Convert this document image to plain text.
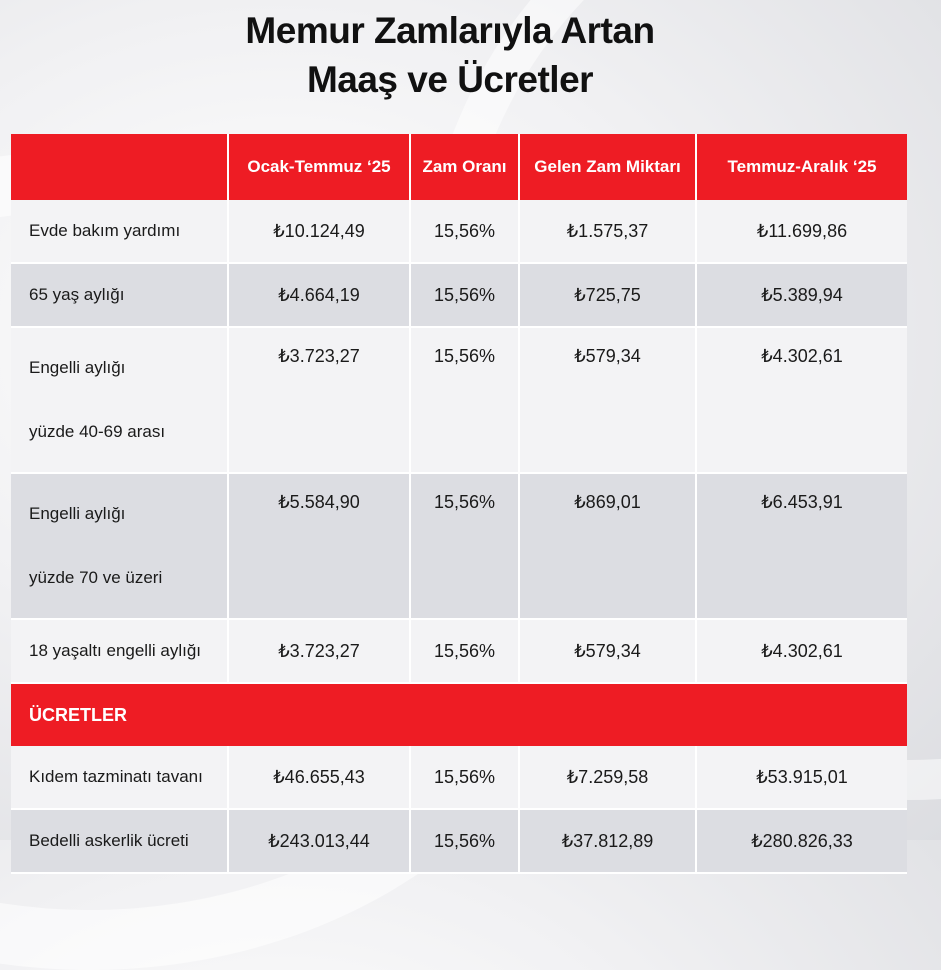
Memur Zamlarıyla Artan
Maaş ve Ücretler
	Ocak-Temmuz ‘25	Zam Oranı	Gelen Zam Miktarı	Temmuz-Aralık ‘25
Evde bakım yardımı	₺10.124,49	15,56%	₺1.575,37	₺11.699,86
65 yaş aylığı	₺4.664,19	15,56%	₺725,75	₺5.389,94

Engelli aylığı
yüzde 40-69 arası	₺3.723,27	15,56%	₺579,34	₺4.302,61

Engelli aylığı
yüzde 70 ve üzeri	₺5.584,90	15,56%	₺869,01	₺6.453,91
18 yaşaltı engelli aylığı	₺3.723,27	15,56%	₺579,34	₺4.302,61
ÜCRETLER				
Kıdem tazminatı tavanı	₺46.655,43	15,56%	₺7.259,58	₺53.915,01
Bedelli askerlik ücreti	₺243.013,44	15,56%	₺37.812,89	₺280.826,33
